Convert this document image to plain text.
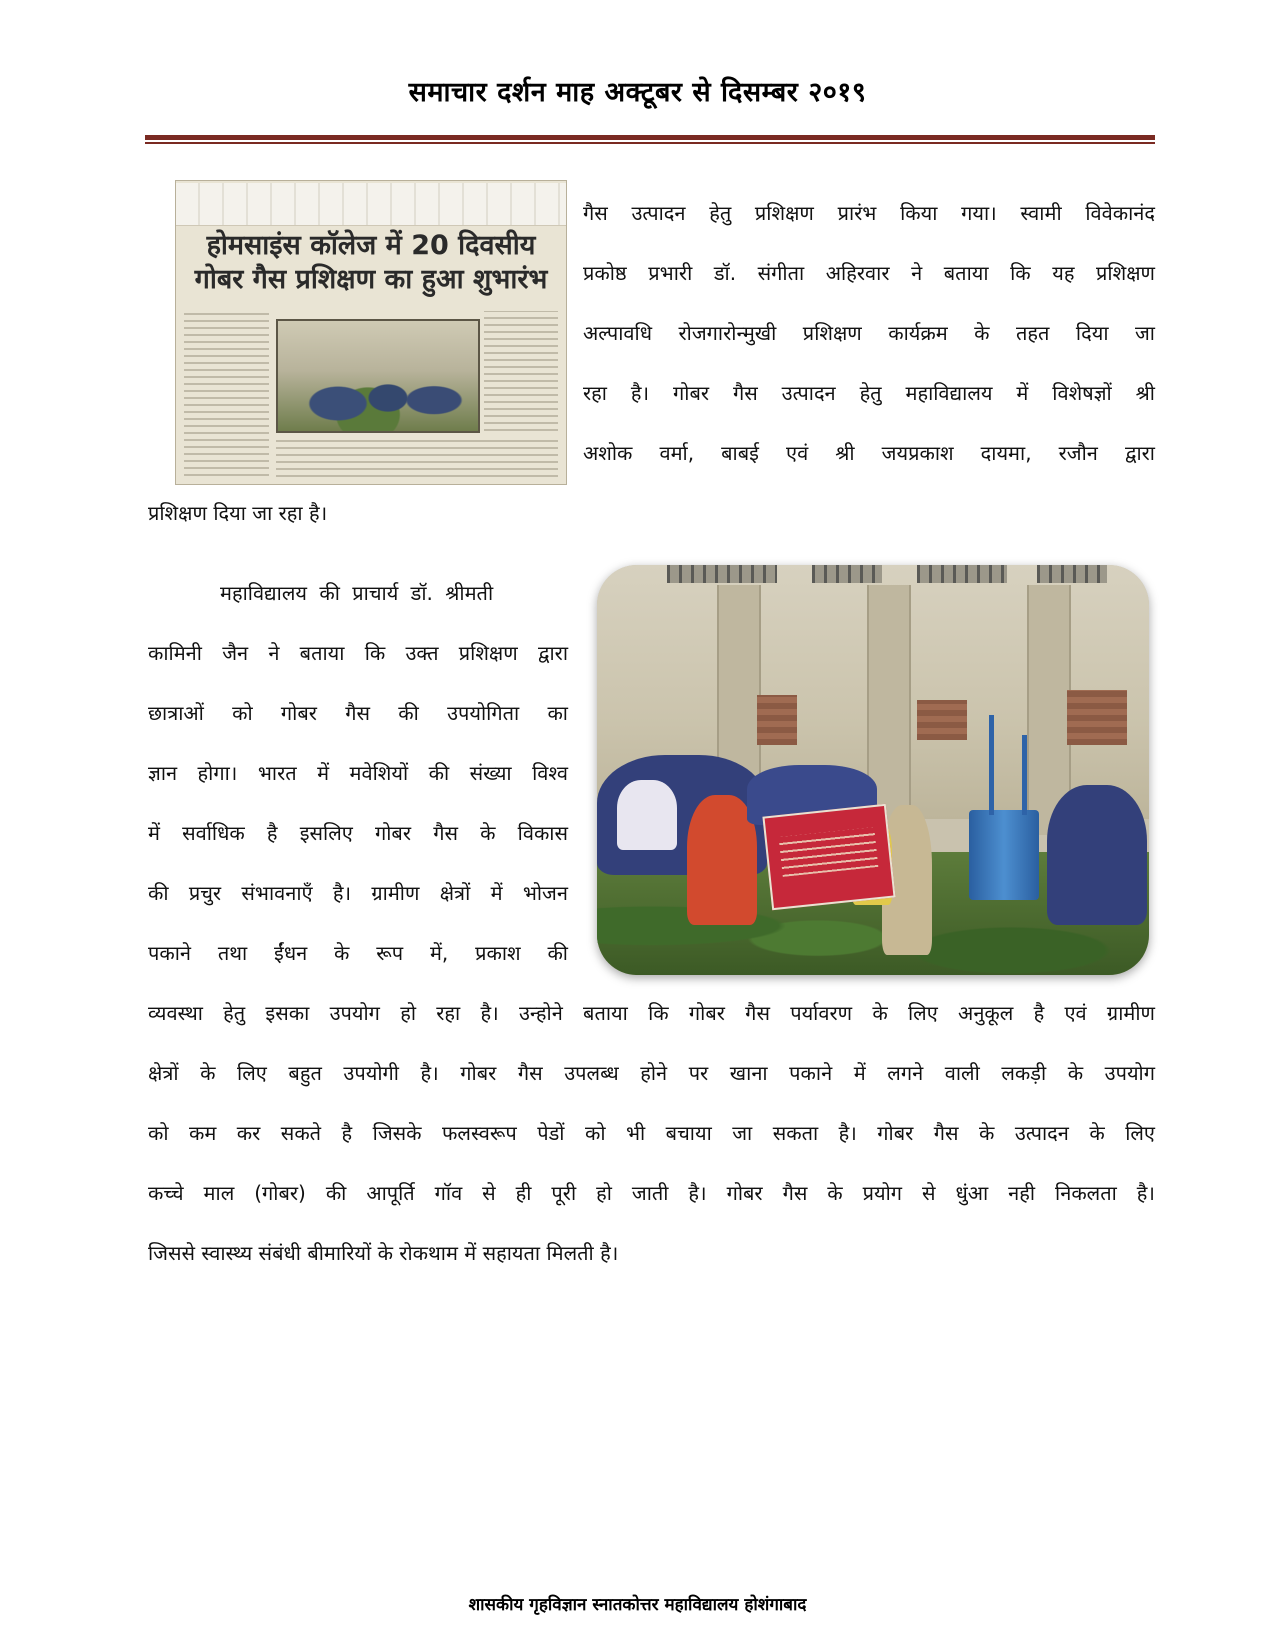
समाचार दर्शन माह अक्टूबर से दिसम्बर २०१९
होमसाइंस कॉलेज में 20 दिवसीय
गोबर गैस प्रशिक्षण का हुआ शुभारंभ
गैस उत्पादन हेतु प्रशिक्षण प्रारंभ किया गया। स्वामी विवेकानंद
प्रकोष्ठ प्रभारी डॉ. संगीता अहिरवार ने बताया कि यह प्रशिक्षण
अल्पावधि रोजगारोन्मुखी प्रशिक्षण कार्यक्रम के तहत दिया जा
रहा है। गोबर गैस उत्पादन हेतु महाविद्यालय में विशेषज्ञों श्री
अशोक वर्मा, बाबई एवं श्री जयप्रकाश दायमा, रजौन द्वारा
प्रशिक्षण दिया जा रहा है।
महाविद्यालय की प्राचार्य डॉ. श्रीमती
कामिनी जैन ने बताया कि उक्त प्रशिक्षण द्वारा
छात्राओं को गोबर गैस की उपयोगिता का
ज्ञान होगा। भारत में मवेशियों की संख्या विश्व
में सर्वाधिक है इसलिए गोबर गैस के विकास
की प्रचुर संभावनाएँ है। ग्रामीण क्षेत्रों में भोजन
पकाने तथा ईंधन के रूप में, प्रकाश की
व्यवस्था हेतु इसका उपयोग हो रहा है। उन्होने बताया कि गोबर गैस पर्यावरण के लिए अनुकूल है एवं ग्रामीण
क्षेत्रों के लिए बहुत उपयोगी है। गोबर गैस उपलब्ध होने पर खाना पकाने में लगने वाली लकड़ी के उपयोग
को कम कर सकते है जिसके फलस्वरूप पेडों को भी बचाया जा सकता है। गोबर गैस के उत्पादन के लिए
कच्चे माल (गोबर) की आपूर्ति गॉव से ही पूरी हो जाती है। गोबर गैस के प्रयोग से धुंआ नही निकलता है।
जिससे स्वास्थ्य संबंधी बीमारियों के रोकथाम में सहायता मिलती है।
शासकीय गृहविज्ञान स्नातकोत्तर महाविद्यालय होशंगाबाद
